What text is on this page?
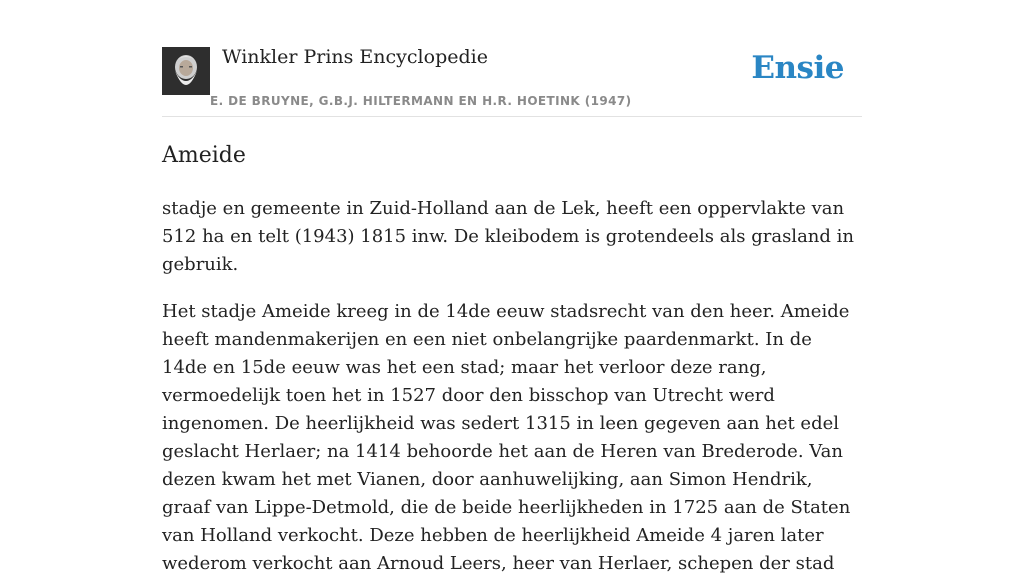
Winkler Prins Encyclopedie
E. DE BRUYNE, G.B.J. HILTERMANN EN H.R. HOETINK (1947)
Ensie
Ameide

stadje en gemeente in Zuid-Holland aan de Lek, heeft een oppervlakte van 512 ha en telt (1943) 1815 inw. De kleibodem is grotendeels als grasland in gebruik.

Het stadje Ameide kreeg in de 14de eeuw stadsrecht van den heer. Ameide heeft mandenmakerijen en een niet onbelangrijke paardenmarkt. In de 14de en 15de eeuw was het een stad; maar het verloor deze rang, vermoedelijk toen het in 1527 door den bisschop van Utrecht werd ingenomen. De heerlijkheid was sedert 1315 in leen gegeven aan het edel geslacht Herlaer; na 1414 behoorde het aan de Heren van Brederode. Van dezen kwam het met Vianen, door aanhuwelijking, aan Simon Hendrik, graaf van Lippe-Detmold, die de beide heerlijkheden in 1725 aan de Staten van Holland verkocht. Deze hebben de heerlijkheid Ameide 4 jaren later wederom verkocht aan Arnoud Leers, heer van Herlaer, schepen der stad
